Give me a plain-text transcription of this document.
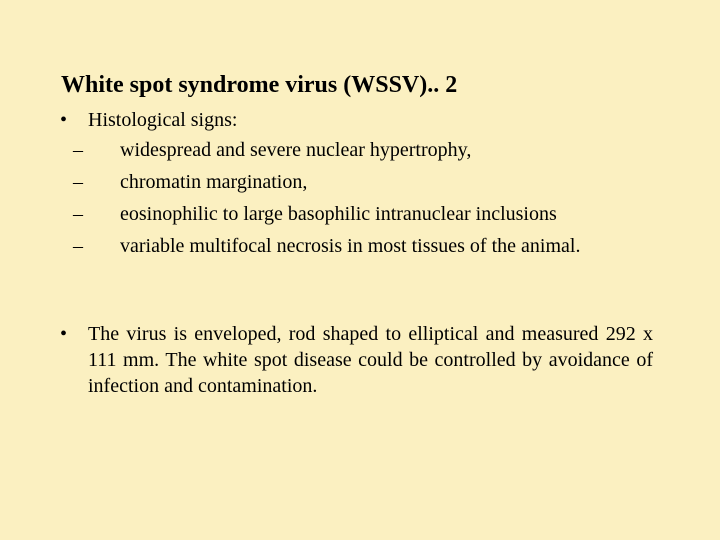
White spot syndrome virus (WSSV).. 2
•	Histological signs:
– widespread and severe nuclear hypertrophy,
– chromatin margination,
– eosinophilic to large basophilic intranuclear inclusions
– variable multifocal necrosis in most tissues of the animal.
•	The virus is enveloped, rod shaped to elliptical and measured 292 x 111 mm. The white spot disease could be controlled by avoidance of infection and contamination.
